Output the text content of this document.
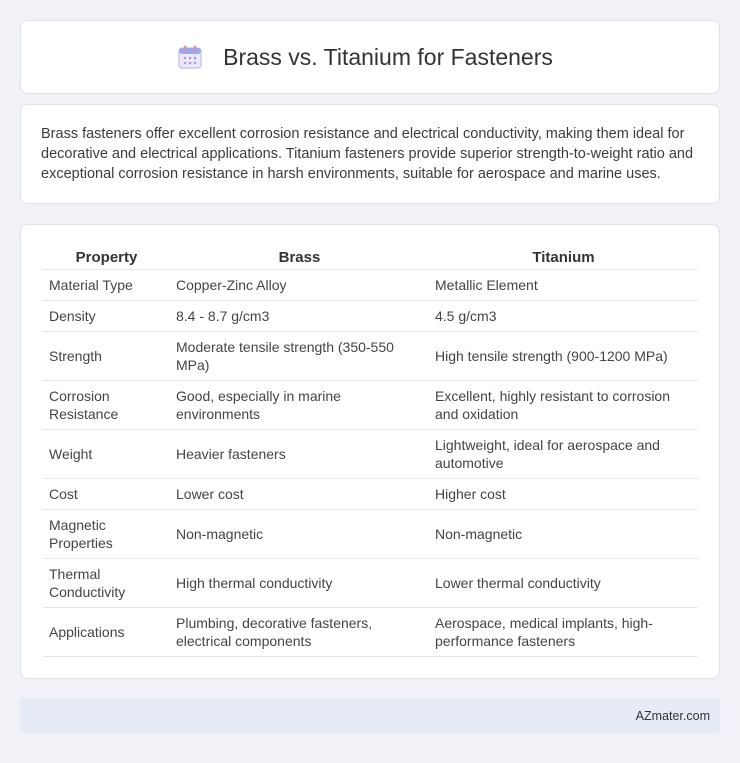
Brass vs. Titanium for Fasteners

Brass fasteners offer excellent corrosion resistance and electrical conductivity, making them ideal for decorative and electrical applications. Titanium fasteners provide superior strength-to-weight ratio and exceptional corrosion resistance in harsh environments, suitable for aerospace and marine uses.

Property	Brass	Titanium
Material Type	Copper-Zinc Alloy	Metallic Element
Density	8.4 - 8.7 g/cm3	4.5 g/cm3
Strength	Moderate tensile strength (350-550 MPa)	High tensile strength (900-1200 MPa)
Corrosion Resistance	Good, especially in marine environments	Excellent, highly resistant to corrosion and oxidation
Weight	Heavier fasteners	Lightweight, ideal for aerospace and automotive
Cost	Lower cost	Higher cost
Magnetic Properties	Non-magnetic	Non-magnetic
Thermal Conductivity	High thermal conductivity	Lower thermal conductivity
Applications	Plumbing, decorative fasteners, electrical components	Aerospace, medical implants, high-performance fasteners
AZmater.com
